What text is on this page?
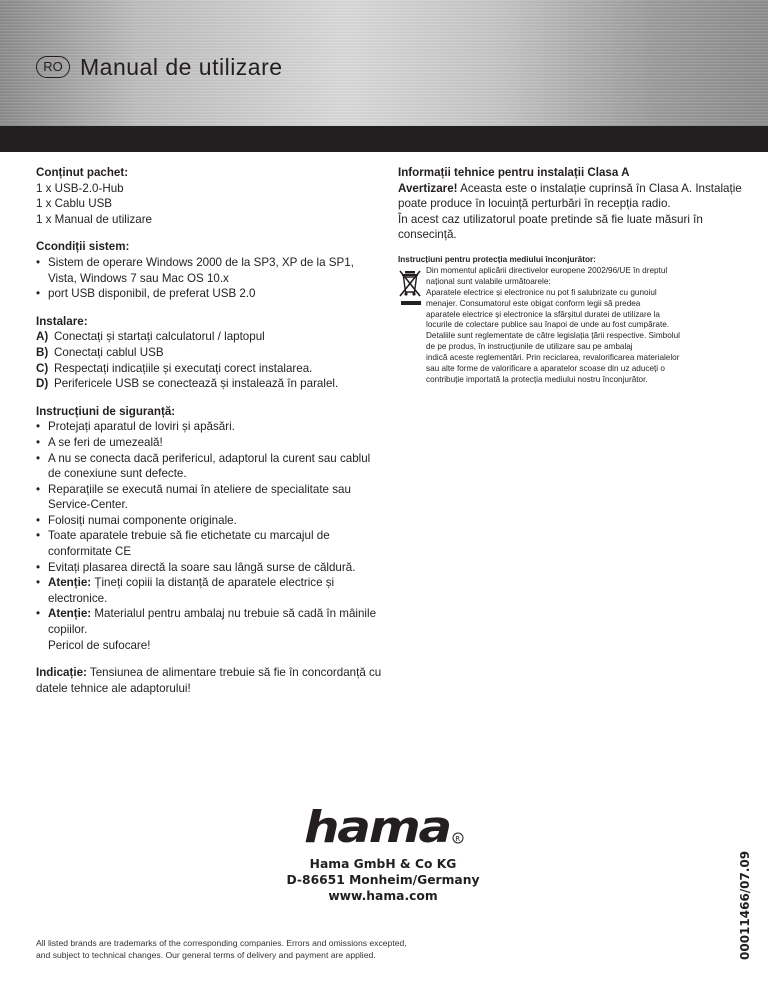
RO Manual de utilizare
Conținut pachet:
1 x USB-2.0-Hub
1 x Cablu USB
1 x Manual de utilizare
Ccondiții sistem:
• Sistem de operare Windows 2000 de la SP3, XP de la SP1,
Vista, Windows 7 sau Mac OS 10.x
• port USB disponibil, de preferat USB 2.0
Instalare:
A) Conectați și startați calculatorul / laptopul
B) Conectați cablul USB
C) Respectați indicațiile și executați corect instalarea.
D) Perifericele USB se conectează și instalează în paralel.
Instrucțiuni de siguranță:
• Protejați aparatul de loviri și apăsări.
• A se feri de umezeală!
• A nu se conecta dacă perifericul, adaptorul la curent sau cablul
de conexiune sunt defecte.
• Reparațiile se execută numai în ateliere de specialitate sau
Service-Center.
• Folosiți numai componente originale.
• Toate aparatele trebuie să fie etichetate cu marcajul de
conformitate CE
• Evitați plasarea directă la soare sau lângă surse de căldură.
• Atenție: Țineți copiii la distanță de aparatele electrice și
electronice.
• Atenție: Materialul pentru ambalaj nu trebuie să cadă în mâinile
copiilor.
Pericol de sufocare!
Indicație: Tensiunea de alimentare trebuie să fie în concordanță cu
datele tehnice ale adaptorului!
Informații tehnice pentru instalații Clasa A
Avertizare! Aceasta este o instalație cuprinsă în Clasa A. Instalație
poate produce în locuință perturbări în recepția radio.
În acest caz utilizatorul poate pretinde să fie luate măsuri în
consecință.
Instrucțiuni pentru protecția mediului înconjurător:
Din momentul aplicării directivelor europene 2002/96/UE în dreptul
național sunt valabile următoarele:
Aparatele electrice și electronice nu pot fi salubrizate cu gunoiul
menajer. Consumatorul este obigat conform legii să predea
aparatele electrice și electronice la sfârșitul duratei de utilizare la
locurile de colectare publice sau înapoi de unde au fost cumpărate.
Detaliile sunt reglementate de către legislația țării respective. Simbolul
de pe produs, în instrucțiunile de utilizare sau pe ambalaj
indică aceste reglementări. Prin reciclarea, revalorificarea materialelor
sau alte forme de valorificare a aparatelor scoase din uz aduceți o
contribuție importată la protecția mediului nostru înconjurător.
hama R
Hama GmbH & Co KG
D-86651 Monheim/Germany
www.hama.com
All listed brands are trademarks of the corresponding companies. Errors and omissions excepted,
and subject to technical changes. Our general terms of delivery and payment are applied.	00011466/07.09
